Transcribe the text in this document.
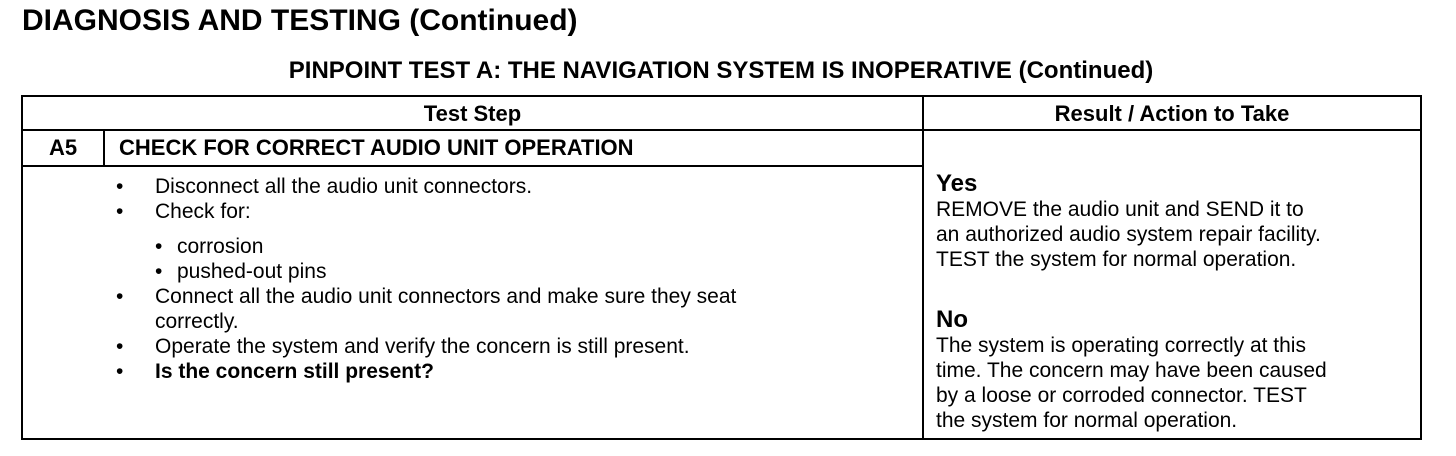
DIAGNOSIS AND TESTING (Continued)
PINPOINT TEST A: THE NAVIGATION SYSTEM IS INOPERATIVE (Continued)
Test Step	Result / Action to Take
A5	CHECK FOR CORRECT AUDIO UNIT OPERATION
• Disconnect all the audio unit connectors.
• Check for:
• corrosion
• pushed-out pins
• Connect all the audio unit connectors and make sure they seat
correctly.
• Operate the system and verify the concern is still present.
• Is the concern still present?
Yes
REMOVE the audio unit and SEND it to
an authorized audio system repair facility.
TEST the system for normal operation.
No
The system is operating correctly at this
time. The concern may have been caused
by a loose or corroded connector. TEST
the system for normal operation.
